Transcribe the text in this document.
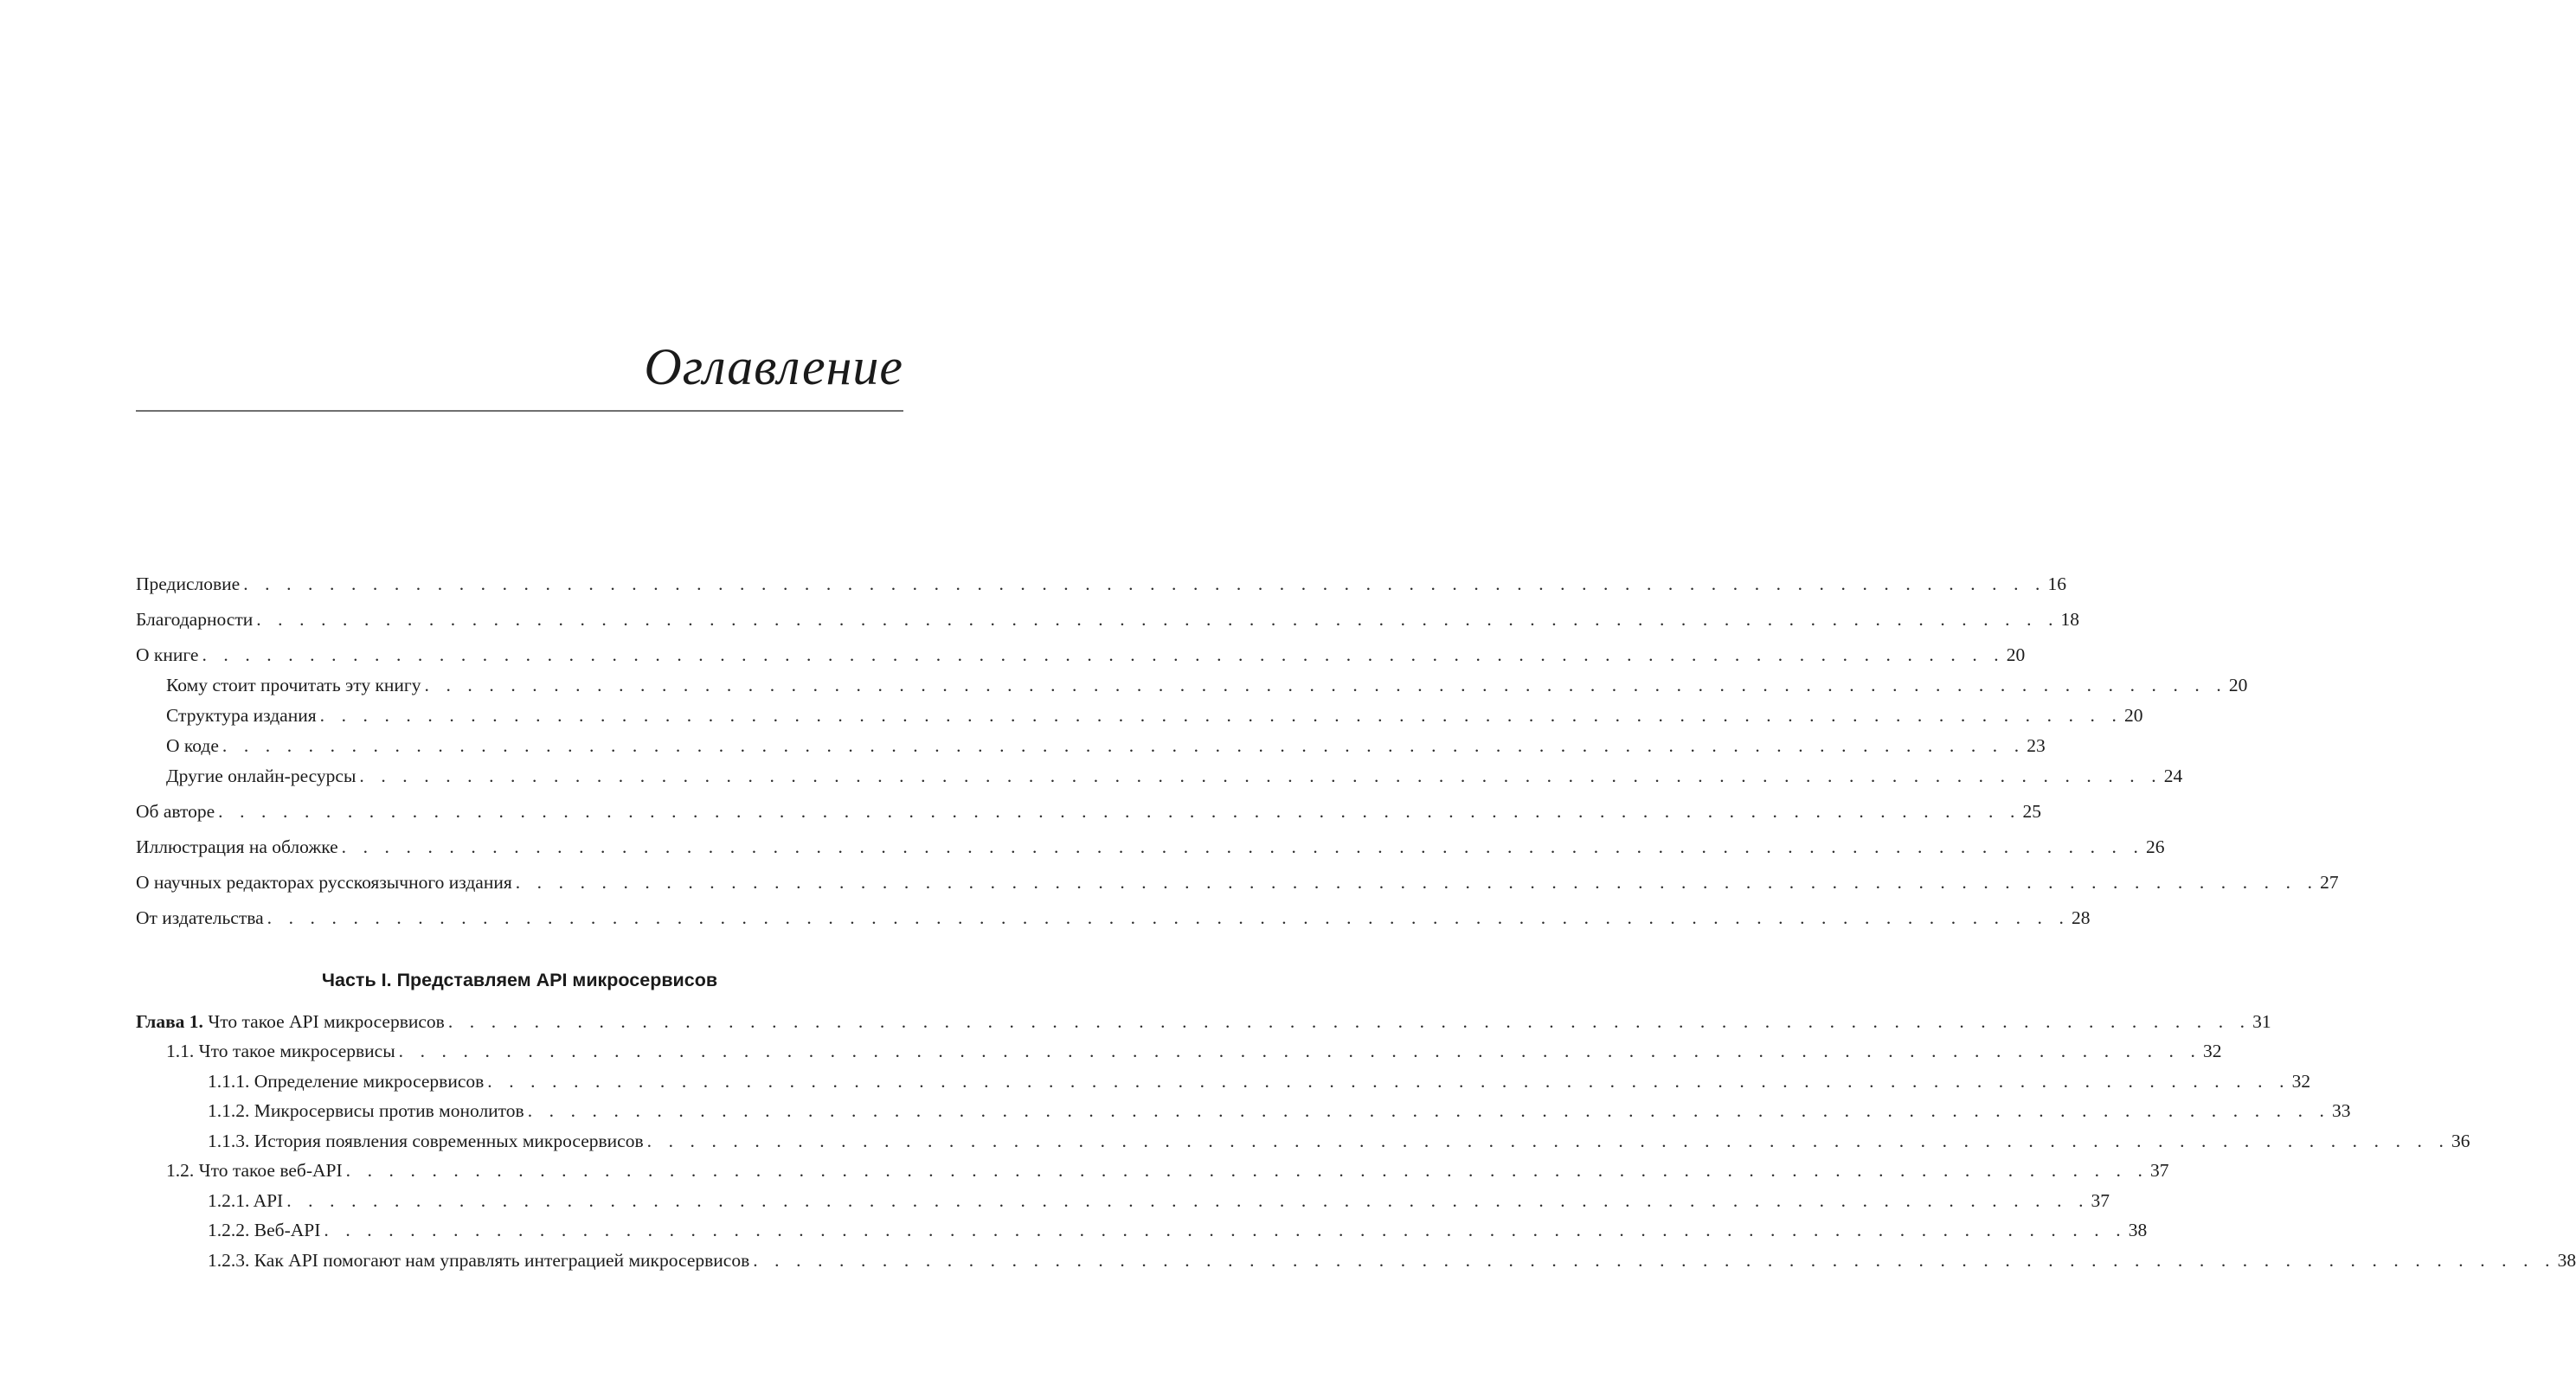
Оглавление
Предисловие . . . . . . . . . . . . . . . . . . . . . . . . . . . . . . . . . . . . . . . . . . . . . . . . . . . . . . . . . . . . . . . . . . . . . . . . . . . . . . . . . . . . 16
Благодарности . . . . . . . . . . . . . . . . . . . . . . . . . . . . . . . . . . . . . . . . . . . . . . . . . . . . . . . . . . . . . . . . . . . . . . . . . . . . . . . . . . . . 18
О книге . . . . . . . . . . . . . . . . . . . . . . . . . . . . . . . . . . . . . . . . . . . . . . . . . . . . . . . . . . . . . . . . . . . . . . . . . . . . . . . . . . . . 20
Кому стоит прочитать эту книгу . . . . . . . . . . . . . . . . . . . . . . . . . . . . . . . . . . . . . . . . . . . . . . . . . . . . . . . . . . . . . . . . . . . . . . . . . . . . . . . . . . . . 20
Структура издания . . . . . . . . . . . . . . . . . . . . . . . . . . . . . . . . . . . . . . . . . . . . . . . . . . . . . . . . . . . . . . . . . . . . . . . . . . . . . . . . . . . . 20
О коде . . . . . . . . . . . . . . . . . . . . . . . . . . . . . . . . . . . . . . . . . . . . . . . . . . . . . . . . . . . . . . . . . . . . . . . . . . . . . . . . . . . . 23
Другие онлайн-ресурсы . . . . . . . . . . . . . . . . . . . . . . . . . . . . . . . . . . . . . . . . . . . . . . . . . . . . . . . . . . . . . . . . . . . . . . . . . . . . . . . . . . . . 24
Об авторе . . . . . . . . . . . . . . . . . . . . . . . . . . . . . . . . . . . . . . . . . . . . . . . . . . . . . . . . . . . . . . . . . . . . . . . . . . . . . . . . . . . . 25
Иллюстрация на обложке . . . . . . . . . . . . . . . . . . . . . . . . . . . . . . . . . . . . . . . . . . . . . . . . . . . . . . . . . . . . . . . . . . . . . . . . . . . . . . . . . . . . 26
О научных редакторах русскоязычного издания . . . . . . . . . . . . . . . . . . . . . . . . . . . . . . . . . . . . . . . . . . . . . . . . . . . . . . . . . . . . . . . . . . . . . . . . . . . . . . . . . . . . 27
От издательства . . . . . . . . . . . . . . . . . . . . . . . . . . . . . . . . . . . . . . . . . . . . . . . . . . . . . . . . . . . . . . . . . . . . . . . . . . . . . . . . . . . . 28
Часть I. Представляем API микросервисов
Глава 1. Что такое API микросервисов . . . . . . . . . . . . . . . . . . . . . . . . . . . . . . . . . . . . . . . . . . . . . . . . . . . . . . . . . . . . . . . . . . . . . . . . . . . . . . . . . . . . 31
1.1. Что такое микросервисы . . . . . . . . . . . . . . . . . . . . . . . . . . . . . . . . . . . . . . . . . . . . . . . . . . . . . . . . . . . . . . . . . . . . . . . . . . . . . . . . . . . . 32
1.1.1. Определение микросервисов . . . . . . . . . . . . . . . . . . . . . . . . . . . . . . . . . . . . . . . . . . . . . . . . . . . . . . . . . . . . . . . . . . . . . . . . . . . . . . . . . . . . 32
1.1.2. Микросервисы против монолитов . . . . . . . . . . . . . . . . . . . . . . . . . . . . . . . . . . . . . . . . . . . . . . . . . . . . . . . . . . . . . . . . . . . . . . . . . . . . . . . . . . . . 33
1.1.3. История появления современных микросервисов . . . . . . . . . . . . . . . . . . . . . . . . . . . . . . . . . . . . . . . . . . . . . . . . . . . . . . . . . . . . . . . . . . . . . . . . . . . . . . . . . . . . 36
1.2. Что такое веб-API . . . . . . . . . . . . . . . . . . . . . . . . . . . . . . . . . . . . . . . . . . . . . . . . . . . . . . . . . . . . . . . . . . . . . . . . . . . . . . . . . . . . 37
1.2.1. API . . . . . . . . . . . . . . . . . . . . . . . . . . . . . . . . . . . . . . . . . . . . . . . . . . . . . . . . . . . . . . . . . . . . . . . . . . . . . . . . . . . . 37
1.2.2. Веб-API . . . . . . . . . . . . . . . . . . . . . . . . . . . . . . . . . . . . . . . . . . . . . . . . . . . . . . . . . . . . . . . . . . . . . . . . . . . . . . . . . . . . 38
1.2.3. Как API помогают нам управлять интеграцией микросервисов . . . . . . . . . . . . . . . . . . . . . . . . . . . . . . . . . . . . . . . . . . . . . . . . . . . . . . . . . . . . . . . . . . . . . . . . . . . . . . . . . . . . 38
